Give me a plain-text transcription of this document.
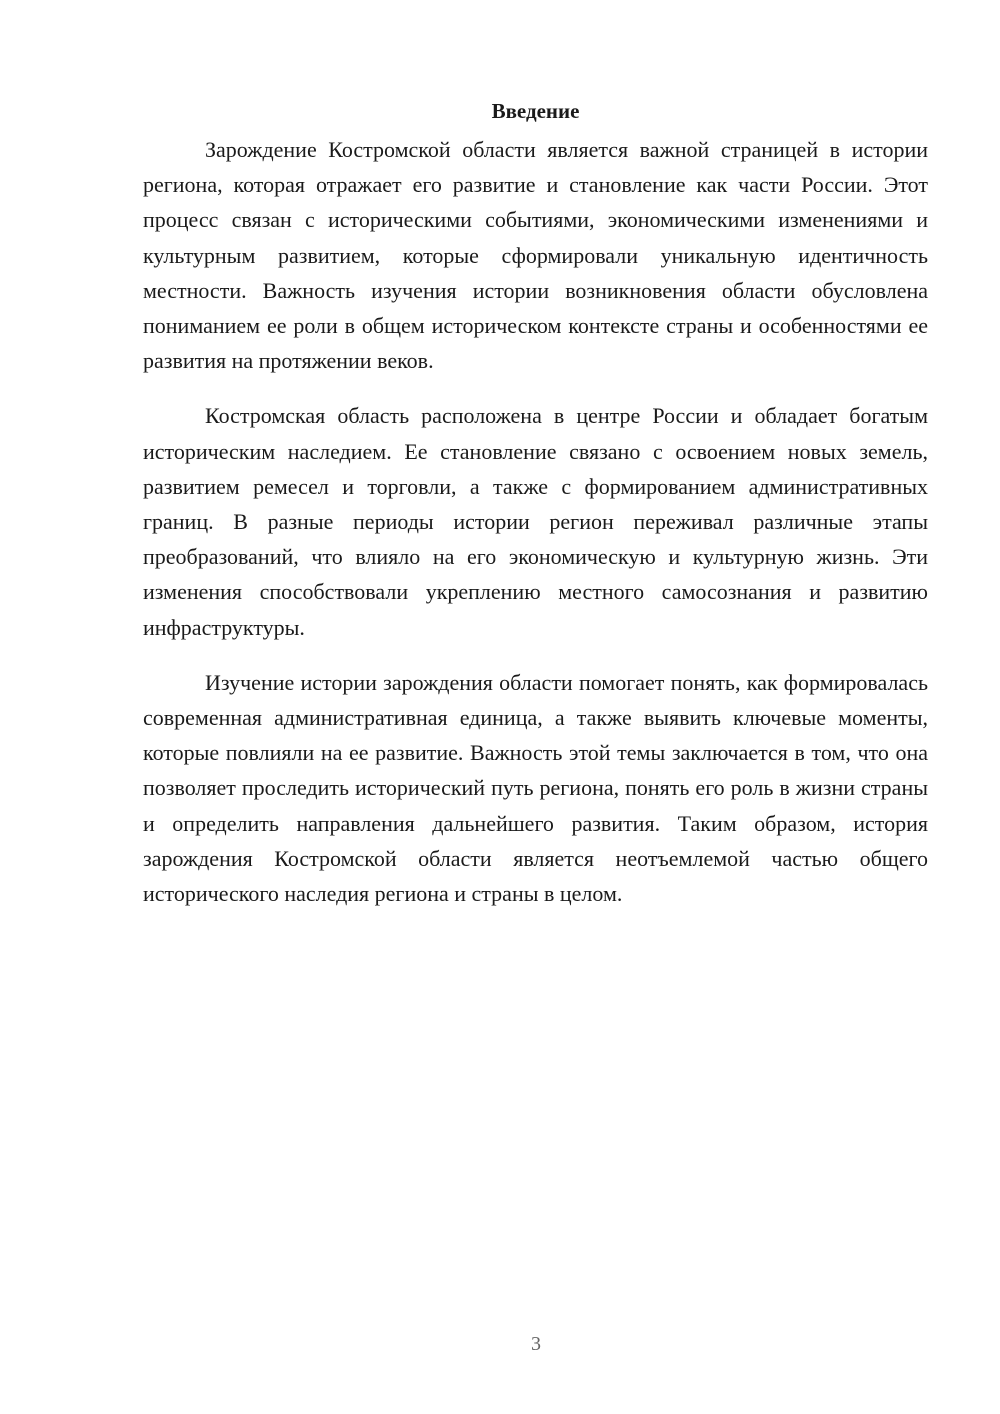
Введение

Зарождение Костромской области является важной страницей в истории региона, которая отражает его развитие и становление как части России. Этот процесс связан с историческими событиями, экономическими изменениями и культурным развитием, которые сформировали уникальную идентичность местности. Важность изучения истории возникновения области обусловлена пониманием ее роли в общем историческом контексте страны и особенностями ее развития на протяжении веков.

Костромская область расположена в центре России и обладает богатым историческим наследием. Ее становление связано с освоением новых земель, развитием ремесел и торговли, а также с формированием административных границ. В разные периоды истории регион переживал различные этапы преобразований, что влияло на его экономическую и культурную жизнь. Эти изменения способствовали укреплению местного самосознания и развитию инфраструктуры.

Изучение истории зарождения области помогает понять, как формировалась современная административная единица, а также выявить ключевые моменты, которые повлияли на ее развитие. Важность этой темы заключается в том, что она позволяет проследить исторический путь региона, понять его роль в жизни страны и определить направления дальнейшего развития. Таким образом, история зарождения Костромской области является неотъемлемой частью общего исторического наследия региона и страны в целом.

3
